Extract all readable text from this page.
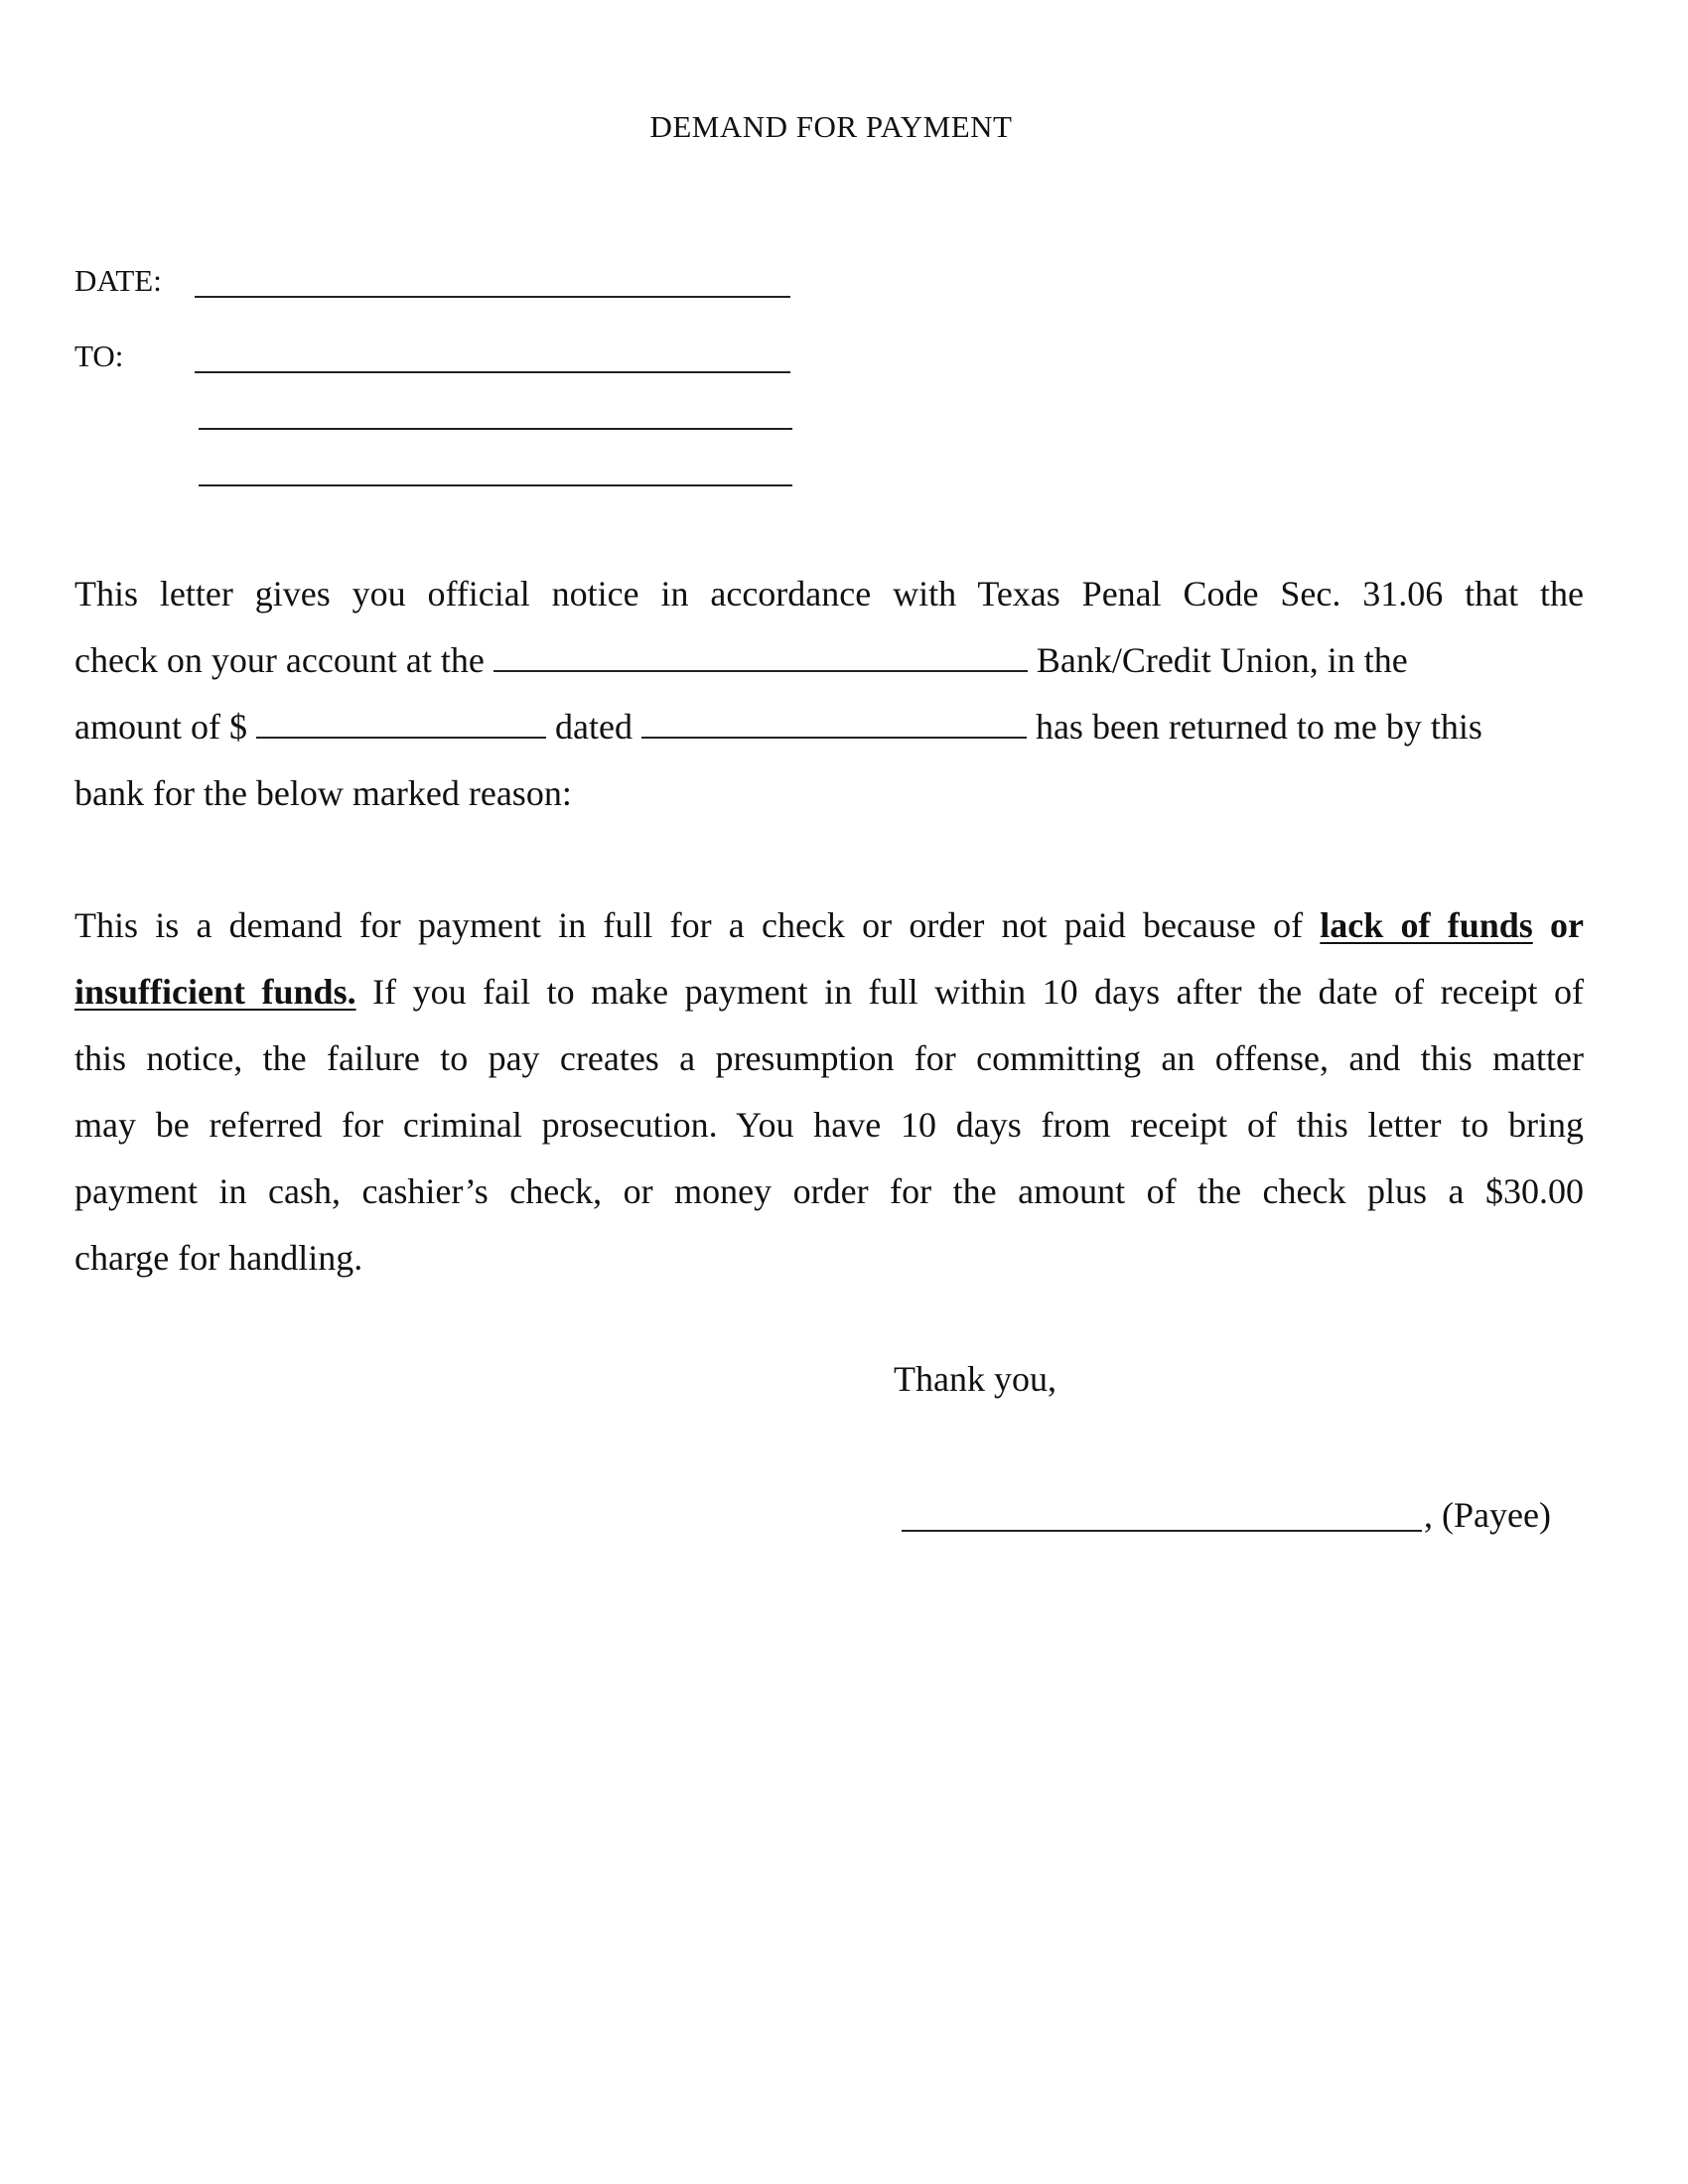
DEMAND FOR PAYMENT
DATE:
TO:
This letter gives you official notice in accordance with Texas Penal Code Sec. 31.06 that the
check on your account at the	Bank/Credit Union, in the
amount of $	dated	has been returned to me by this
bank for the below marked reason:
This is a demand for payment in full for a check or order not paid because of lack of funds or
insufficient funds. If you fail to make payment in full within 10 days after the date of receipt of
this notice, the failure to pay creates a presumption for committing an offense, and this matter
may be referred for criminal prosecution. You have 10 days from receipt of this letter to bring
payment in cash, cashier’s check, or money order for the amount of the check plus a $30.00
charge for handling.
Thank you,
, (Payee)
